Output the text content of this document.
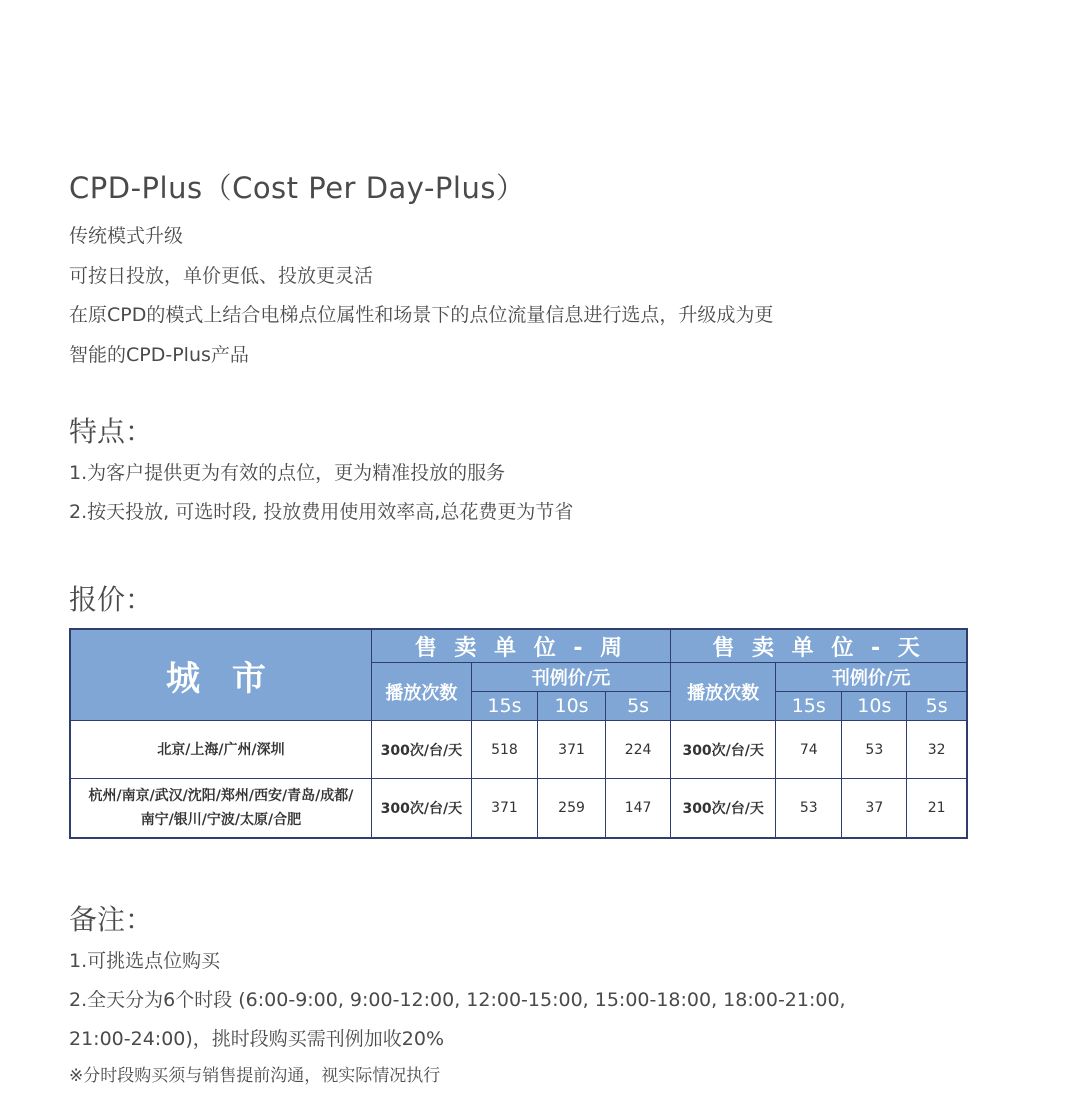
CPD-Plus（Cost Per Day-Plus）
传统模式升级
可按日投放，单价更低、投放更灵活
在原CPD的模式上结合电梯点位属性和场景下的点位流量信息进行选点，升级成为更
智能的CPD-Plus产品
特点：
1.为客户提供更为有效的点位，更为精准投放的服务
2.按天投放, 可选时段, 投放费用使用效率高,总花费更为节省
报价：
城 市	售 卖 单 位 - 周				售 卖 单 位 - 天			
	播放次数	刊例价/元			播放次数	刊例价/元		
		15s	10s	5s		15s	10s	5s
北京/上海/广州/深圳	300次/台/天	518	371	224	300次/台/天	74	53	32

杭州/南京/武汉/沈阳/郑州/西安/青岛/成都/
南宁/银川/宁波/太原/合肥	300次/台/天	371	259	147	300次/台/天	53	37	21
备注：
1.可挑选点位购买
2.全天分为6个时段 (6:00-9:00, 9:00-12:00, 12:00-15:00, 15:00-18:00, 18:00-21:00,
21:00-24:00)，挑时段购买需刊例加收20%
※分时段购买须与销售提前沟通，视实际情况执行
